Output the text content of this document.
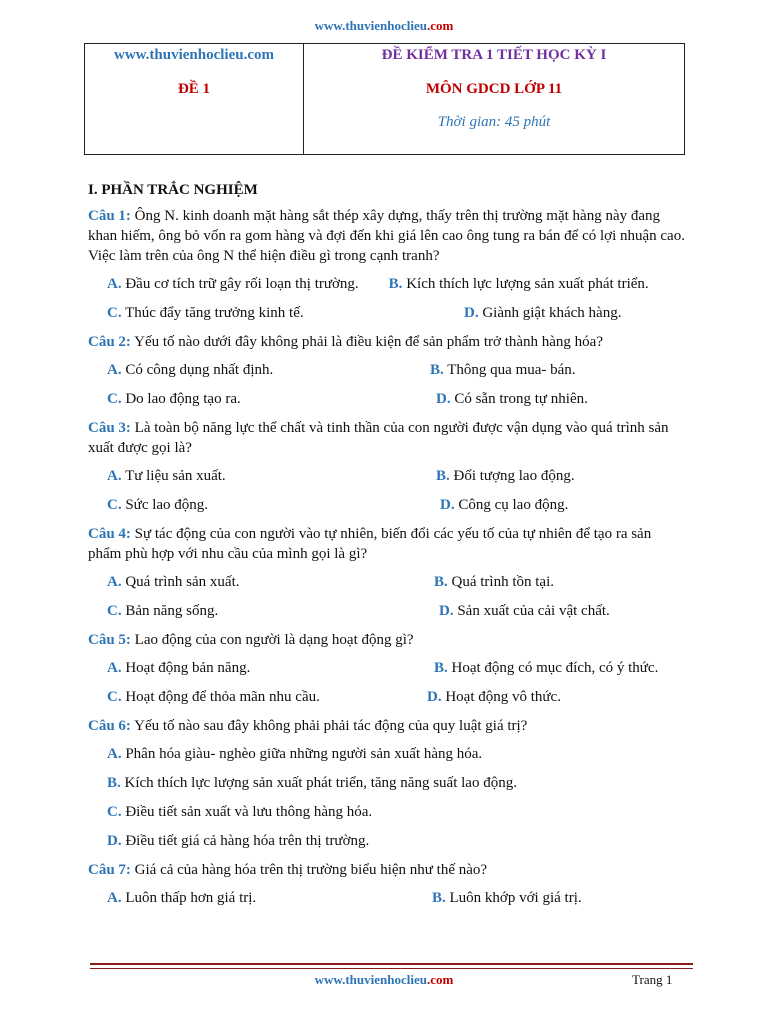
www.thuvienhoclieu.com
www.thuvienhoclieu.com
ĐỀ 1

ĐỀ KIỂM TRA 1 TIẾT HỌC KỲ I
MÔN GDCD LỚP 11
Thời gian: 45 phút
I. PHẦN TRẮC NGHIỆM
Câu 1: Ông N. kinh doanh mặt hàng sắt thép xây dựng, thấy trên thị trường mặt hàng này đang khan hiếm, ông bỏ vốn ra gom hàng và đợi đến khi giá lên cao ông tung ra bán để có lợi nhuận cao. Việc làm trên của ông N thể hiện điều gì trong cạnh tranh?
A. Đầu cơ tích trữ gây rối loạn thị trường. B. Kích thích lực lượng sản xuất phát triển.
C. Thúc đẩy tăng trưởng kinh tế.	D. Giành giật khách hàng.
Câu 2: Yếu tố nào dưới đây không phải là điều kiện để sản phẩm trở thành hàng hóa?
A. Có công dụng nhất định.	B. Thông qua mua- bán.
C. Do lao động tạo ra.	D. Có sẵn trong tự nhiên.
Câu 3: Là toàn bộ năng lực thể chất và tinh thần của con người được vận dụng vào quá trình sản xuất được gọi là?
A. Tư liệu sản xuất.	B. Đối tượng lao động.
C. Sức lao động.	D. Công cụ lao động.
Câu 4: Sự tác động của con người vào tự nhiên, biến đổi các yếu tố của tự nhiên để tạo ra sản phẩm phù hợp với nhu cầu của mình gọi là gì?
A. Quá trình sản xuất.	B. Quá trình tồn tại.
C. Bản năng sống.	D. Sản xuất của cải vật chất.
Câu 5: Lao động của con người là dạng hoạt động gì?
A. Hoạt động bản năng.	B. Hoạt động có mục đích, có ý thức.
C. Hoạt động để thỏa mãn nhu cầu.	D. Hoạt động vô thức.
Câu 6: Yếu tố nào sau đây không phải phải tác động của quy luật giá trị?
A. Phân hóa giàu- nghèo giữa những người sản xuất hàng hóa.
B. Kích thích lực lượng sản xuất phát triển, tăng năng suất lao động.
C. Điều tiết sản xuất và lưu thông hàng hóa.
D. Điều tiết giá cả hàng hóa trên thị trường.
Câu 7: Giá cả của hàng hóa trên thị trường biểu hiện như thế nào?
A. Luôn thấp hơn giá trị.	B. Luôn khớp với giá trị.
www.thuvienhoclieu.com	Trang 1
